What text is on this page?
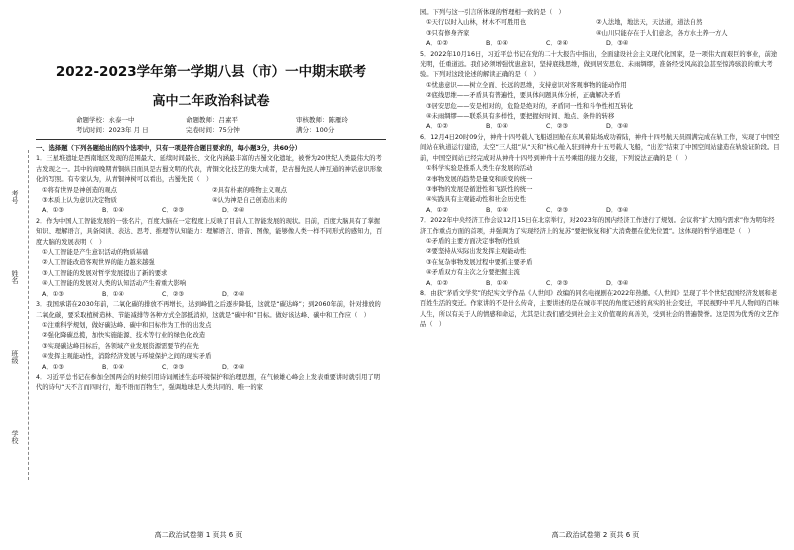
考号
姓名
班级
学校
2022-2023学年第一学期八县（市）一中期末联考
高中二年政治科试卷
命题学校：永泰一中	命题教师：吕素平	审核教师：陈雁玲
考试时间：2023年 月 日	完卷时间：75分钟	满分：100分

一、选择题（下列各题给出的四个选项中，只有一项是符合题目要求的，每小题3分，共60分）

1．三星堆遗址是西南地区发现的范围最大、延续时间最长、文化内涵最丰富的古蜀文化遗址，被誉为20世纪人类最伟大的考古发现之一。其中的商晚期青铜纵目面具是古蜀文明的代表，青铜文化技艺的集大成者，是古蜀先民人神互通的神话意识形象化的写照。有专家认为，从青铜神树可以看出，古蜀先民（　）

①将有世界是神创造的观点	②具有朴素的唯物主义观点
③本质上认为意识决定物质	④认为神是自己创造出来的
A．①③	B．①④	C．②③	D．②④

2．作为中国人工智能发展的一张名片，百度大脑在一定程度上反映了目前人工智能发展的现状。目前，百度大脑具有了掌握知识、理解语言，具备阅读、表达、思考、推理等认知能力：理解语言、语音、图像，能够像人类一样不同形式的感知力，百度大脑的发展表明（　）

①人工智能是产生意识活动的物质基础

②人工智能改造客观世界的能力越来越强

③人工智能的发展对哲学发展提出了新的要求

④人工智能的发展对人类的认知活动产生着重大影响

A．①③	B．①④	C．②③	D．②④

3．我国承诺在2030年前，二氧化碳的排放不再增长，达到峰值之后逐步降低，这就是“碳达峰”；到2060年前，针对排放的二氧化碳，要采取植树造林、节能减排等各种方式全部抵消掉，这就是“碳中和”目标。做好该达峰、碳中和工作应（　）

①注重科学规划，做好碳达峰、碳中和目标作为工作的出发点

②强化降碳总揽，加快实施能源、技术等行业的绿色化改造

③实现碳达峰目标后，各领域产业发展资源需要节约在先

④发挥主观能动性，消除经济发展与环境保护之间的现实矛盾

A．①③	B．①④	C．②③	D．②④

4．习近平总书记在参加全国两会的时候引用诗词阐述生态环境保护和治理思想，在气候雄心峰会上发表重要讲时就引用了明代的诗句“天不言而四时行，地不语而百物生”，强调地球是人类共同的、唯一的家

高二政治试卷第 1 页共 6 页

园。下列与这一引言所体现的哲理相一致的是（　）

①天行以时入山林，材木不可胜用也	②人法地，地法天，天法道，道法自然
③只有修身齐家	④山川只能存在于人们意念，各方水土养一方人
A．①②	B．①④	C．②④	D．③④

5．2022年10月16日，习近平总书记在党的二十大报告中指出，全面建设社会主义现代化国家，是一项伟大而艰巨的事业，前途光明，任重道远。我们必须增强忧患意识，坚持底线思维，做到居安思危、未雨绸缪，准备经受风高浪急甚至惊涛骇浪的重大考验。下列对这段论述的解读正确的是（　）

①忧患意识——树立全面、长远的思维，支持意识对客观事物的能动作用

②底线思维——矛盾具有普遍性，要具体问题具体分析，正确解决矛盾

③居安思危——安是相对的，危险是绝对的，矛盾同一性和斗争性相互转化

④未雨绸缪——联系具有多样性，要把握好时间、地点、条件的转移

A．①②	B．①④	C．②③	D．③④

6．12月4日20时09分，神舟十四号载人飞船返回舱在东风着陆场成功着陆，神舟十四号航天员圆满完成在轨工作，实现了中国空间站在轨道运行建造，太空“三人组”从“天和”核心舱入驻到神舟十五号载人飞船，“出差”结束了中国空间站建造在轨验证阶段。目前，中国空间站已经完成对从神舟十四号到神舟十五号乘组的接力交接，下列说法正确的是（　）

①科学实验是推系人类生存发展的活动

②事物发展的趋势是量变和质变的统一

③事物的发展是循进性和飞跃性的统一

④实践具有主观能动性和社会历史性

A．①②	B．①④	C．②③	D．③④

7．2022年中央经济工作会议12月15日在北京举行，对2023年的国内经济工作进行了规划。会议将“扩大国内需求”作为明年经济工作重点方面的首项，并强调为了实现经济上的复苏“要把恢复和扩大消费摆在优先位置”。这体现的哲学道理是（　）

①矛盾的主要方面决定事物的性质

②要坚持从实际出发发挥主观能动性

③在复杂事物发展过程中要抓主要矛盾

④矛盾双方有主次之分要把握主流

A．①②	B．①④	C．②③	D．③④

8．由获“茅盾文学奖”的纪实文学作品《人世间》改编的同名电视剧在2022年热播。《人世间》呈现了半个世纪我国经济发展和老百姓生活的变迁。作家讲的不是什么传奇，主要讲述的是在城市平民的角度记述的真实的社会变迁，平民视野中平凡人物间的百味人生，所以有关于人的情感和命运，尤其是让我们感受到社会主义价值观的真善美，受到社会的普遍赞誉。这是因为优秀的文艺作品（　）

高二政治试卷第 2 页共 6 页
